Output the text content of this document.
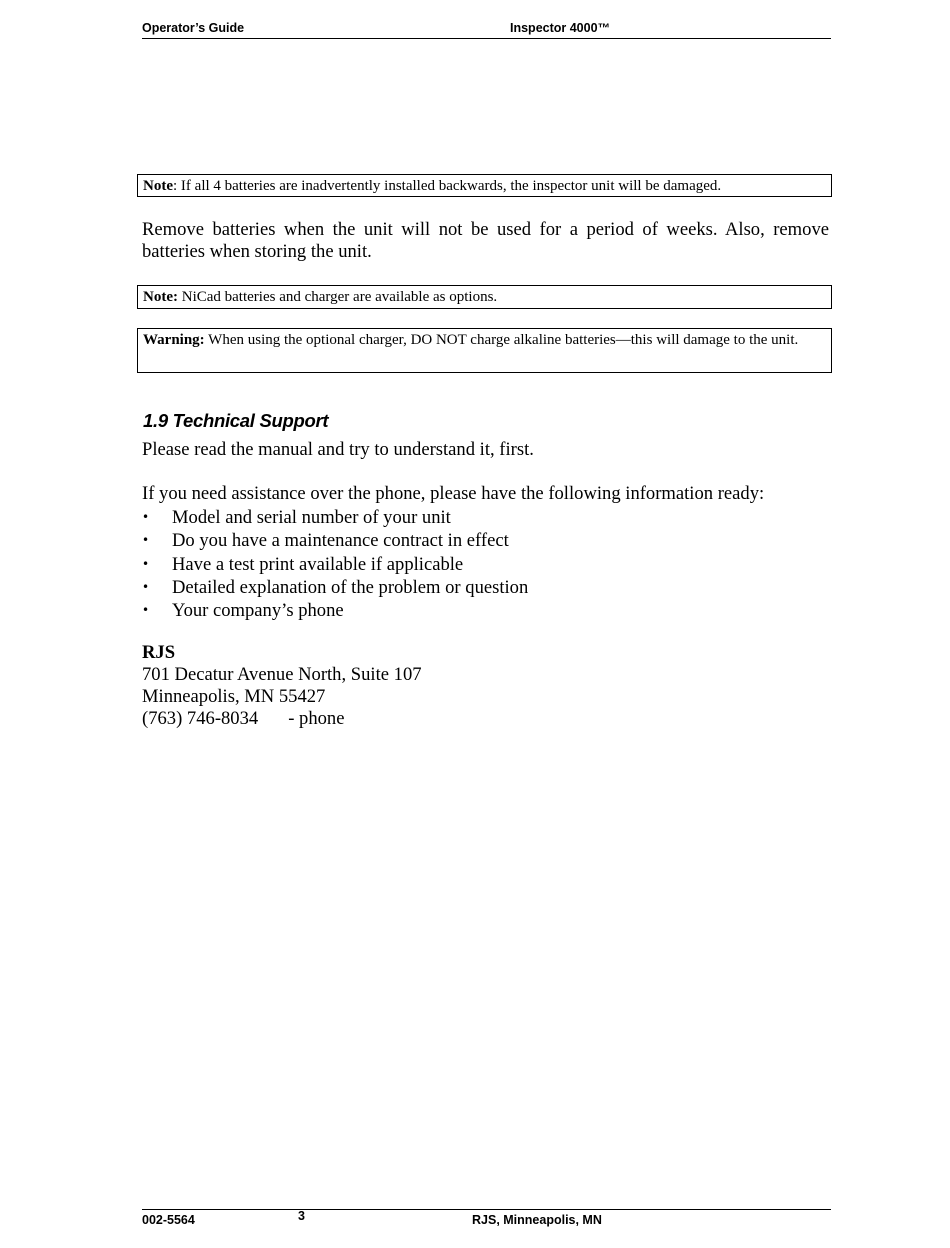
Operator’s Guide	Inspector 4000™
Note: If all 4 batteries are inadvertently installed backwards, the inspector unit will be damaged.
Remove batteries when the unit will not be used for a period of weeks. Also, remove batteries when storing the unit.
Note: NiCad batteries and charger are available as options.
Warning: When using the optional charger, DO NOT charge alkaline batteries—this will damage to the unit.
1.9 Technical Support
Please read the manual and try to understand it, first.
If you need assistance over the phone, please have the following information ready:
• Model and serial number of your unit
• Do you have a maintenance contract in effect
• Have a test print available if applicable
• Detailed explanation of the problem or question
• Your company’s phone
RJS
701 Decatur Avenue North, Suite 107
Minneapolis, MN 55427
(763) 746-8034 - phone
002-5564	3	RJS, Minneapolis, MN
